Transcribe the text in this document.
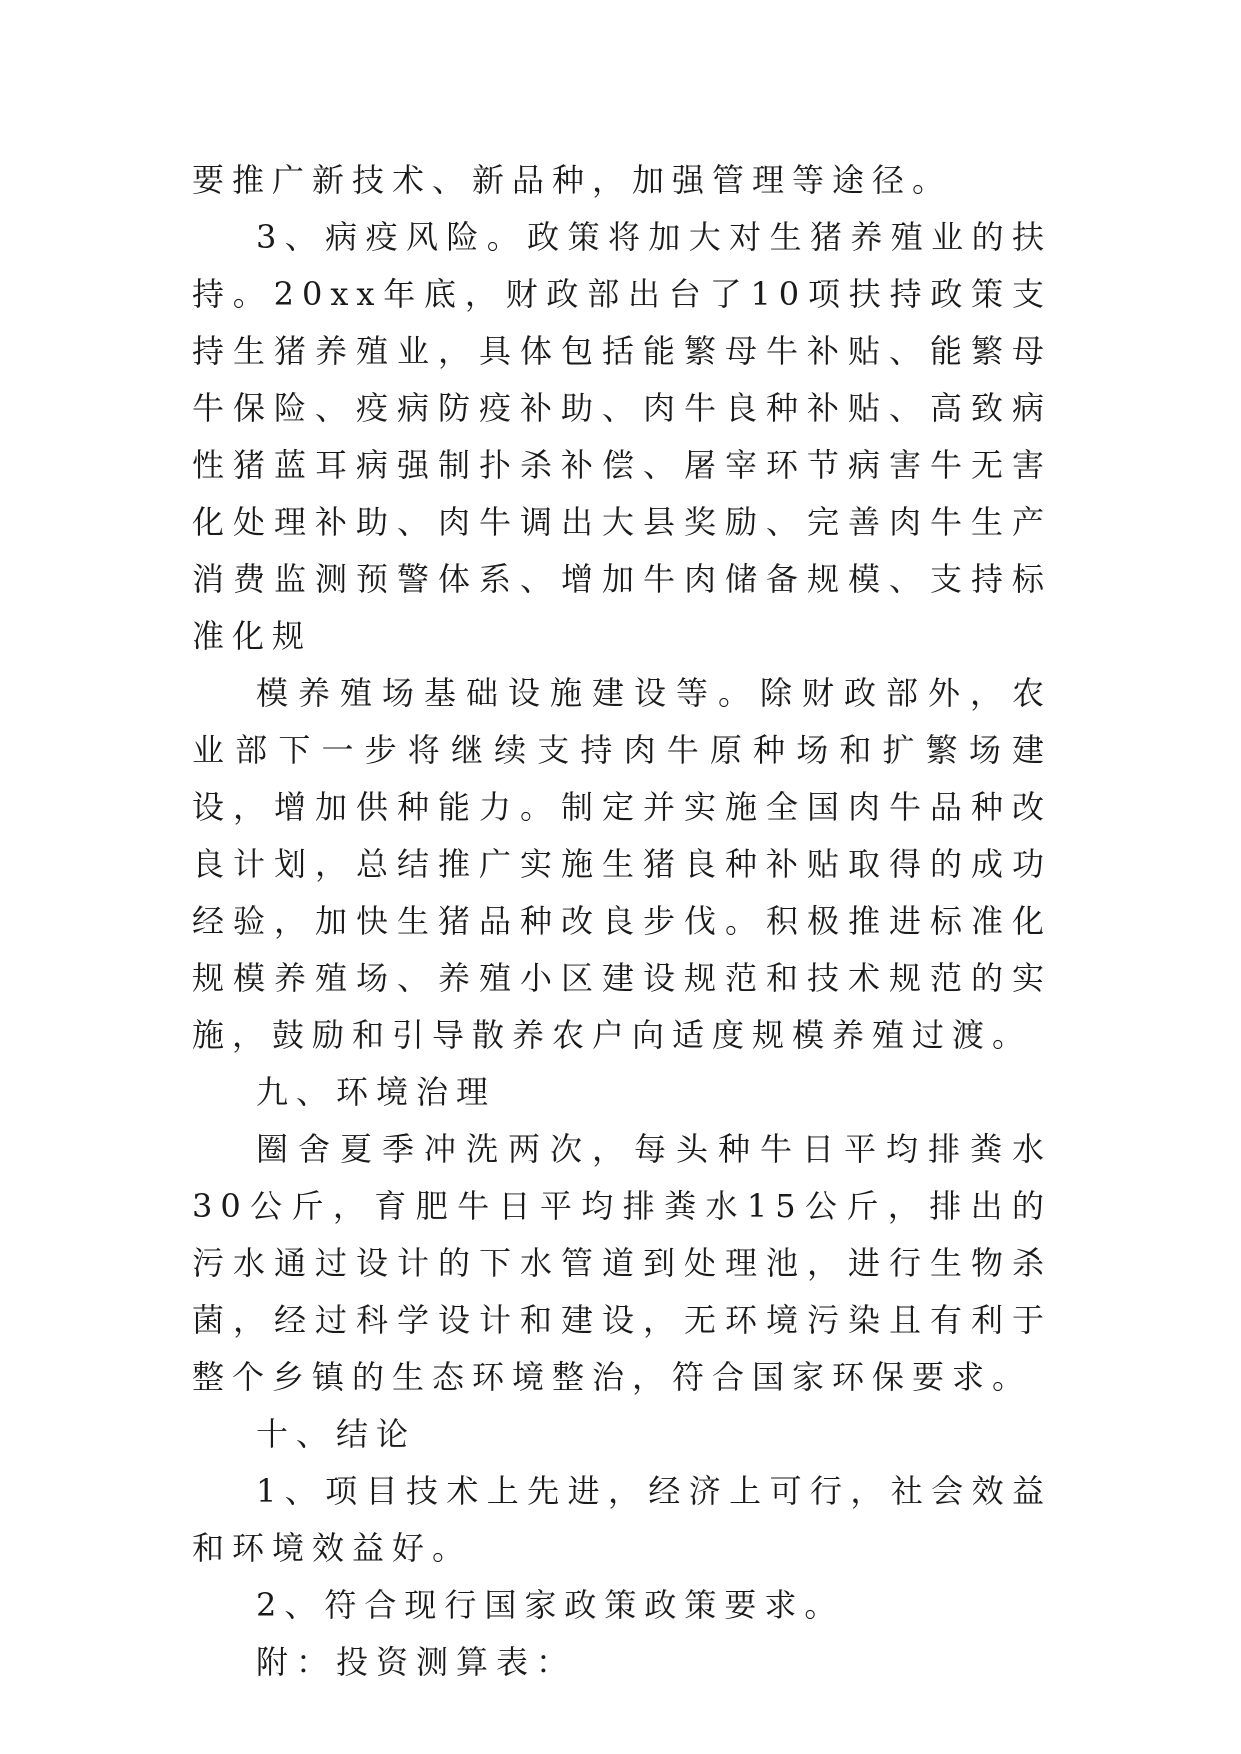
要推广新技术、新品种，加强管理等途径。

3、病疫风险。政策将加大对生猪养殖业的扶持。20xx年底，财政部出台了10项扶持政策支持生猪养殖业，具体包括能繁母牛补贴、能繁母牛保险、疫病防疫补助、肉牛良种补贴、高致病性猪蓝耳病强制扑杀补偿、屠宰环节病害牛无害化处理补助、肉牛调出大县奖励、完善肉牛生产消费监测预警体系、增加牛肉储备规模、支持标准化规

模养殖场基础设施建设等。除财政部外，农业部下一步将继续支持肉牛原种场和扩繁场建设，增加供种能力。制定并实施全国肉牛品种改良计划，总结推广实施生猪良种补贴取得的成功经验，加快生猪品种改良步伐。积极推进标准化规模养殖场、养殖小区建设规范和技术规范的实施，鼓励和引导散养农户向适度规模养殖过渡。

九、环境治理

圈舍夏季冲洗两次，每头种牛日平均排粪水30公斤，育肥牛日平均排粪水15公斤，排出的污水通过设计的下水管道到处理池，进行生物杀菌，经过科学设计和建设，无环境污染且有利于整个乡镇的生态环境整治，符合国家环保要求。

十、结论

1、项目技术上先进，经济上可行，社会效益和环境效益好。

2、符合现行国家政策政策要求。

附：投资测算表：
